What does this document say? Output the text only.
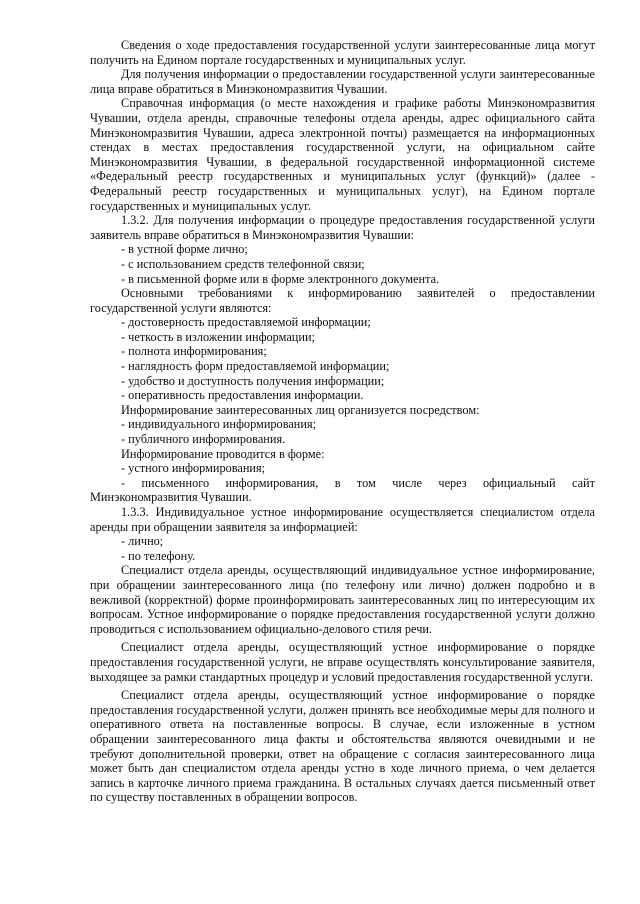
Сведения о ходе предоставления государственной услуги заинтересованные лица могут получить на Едином портале государственных и муниципальных услуг.

Для получения информации о предоставлении государственной услуги заинтересованные лица вправе обратиться в Минэкономразвития Чувашии.

Справочная информация (о месте нахождения и графике работы Минэкономразвития Чувашии, отдела аренды, справочные телефоны отдела аренды, адрес официального сайта Минэкономразвития Чувашии, адреса электронной почты) размещается на информационных стендах в местах предоставления государственной услуги, на официальном сайте Минэкономразвития Чувашии, в федеральной государственной информационной системе «Федеральный реестр государственных и муниципальных услуг (функций)» (далее - Федеральный реестр государственных и муниципальных услуг), на Едином портале государственных и муниципальных услуг.

1.3.2. Для получения информации о процедуре предоставления государственной услуги заявитель вправе обратиться в Минэкономразвития Чувашии:

- в устной форме лично;

- с использованием средств телефонной связи;

- в письменной форме или в форме электронного документа.

Основными требованиями к информированию заявителей о предоставлении государственной услуги являются:

- достоверность предоставляемой информации;

- четкость в изложении информации;

- полнота информирования;

- наглядность форм предоставляемой информации;

- удобство и доступность получения информации;

- оперативность предоставления информации.

Информирование заинтересованных лиц организуется посредством:

- индивидуального информирования;

- публичного информирования.

Информирование проводится в форме:

- устного информирования;

- письменного информирования, в том числе через официальный сайт Минэкономразвития Чувашии.

1.3.3. Индивидуальное устное информирование осуществляется специалистом отдела аренды при обращении заявителя за информацией:

- лично;

- по телефону.

Специалист отдела аренды, осуществляющий индивидуальное устное информирование, при обращении заинтересованного лица (по телефону или лично) должен подробно и в вежливой (корректной) форме проинформировать заинтересованных лиц по интересующим их вопросам. Устное информирование о порядке предоставления государственной услуги должно проводиться с использованием официально-делового стиля речи.

Специалист отдела аренды, осуществляющий устное информирование о порядке предоставления государственной услуги, не вправе осуществлять консультирование заявителя, выходящее за рамки стандартных процедур и условий предоставления государственной услуги.

Специалист отдела аренды, осуществляющий устное информирование о порядке предоставления государственной услуги, должен принять все необходимые меры для полного и оперативного ответа на поставленные вопросы. В случае, если изложенные в устном обращении заинтересованного лица факты и обстоятельства являются очевидными и не требуют дополнительной проверки, ответ на обращение с согласия заинтересованного лица может быть дан специалистом отдела аренды устно в ходе личного приема, о чем делается запись в карточке личного приема гражданина. В остальных случаях дается письменный ответ по существу поставленных в обращении вопросов.
